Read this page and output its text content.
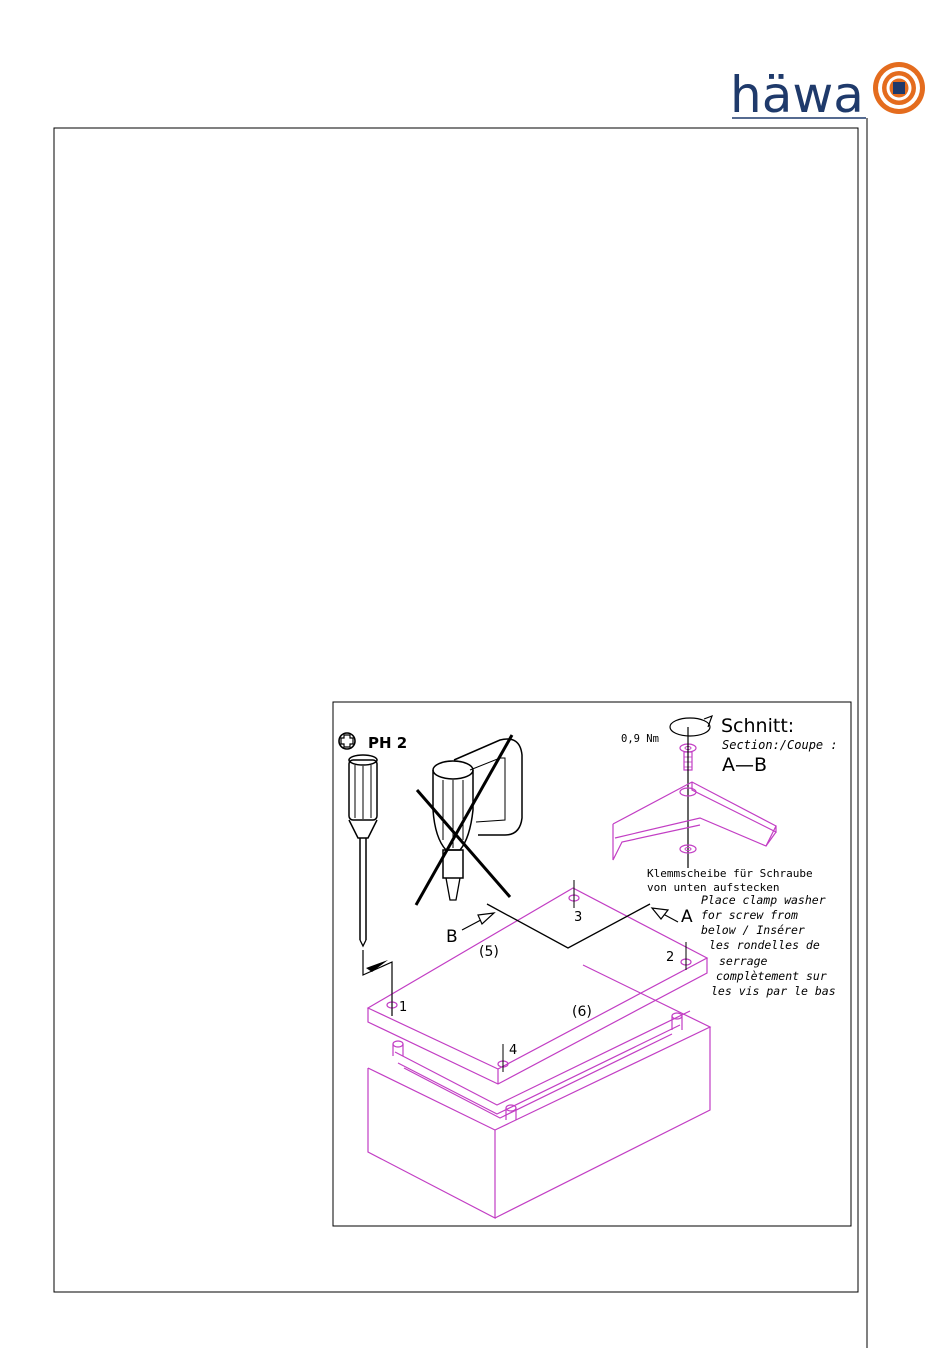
häwa
PH 2
1
2
3
4
(5)
(6)
B
A
0,9 Nm
Schnitt:
Section:/Coupe :
A—B
Klemmscheibe für Schraube
von unten aufstecken
Place clamp washer
for screw from
below / Insérer
les rondelles de
serrage
complètement sur
les vis par le bas
